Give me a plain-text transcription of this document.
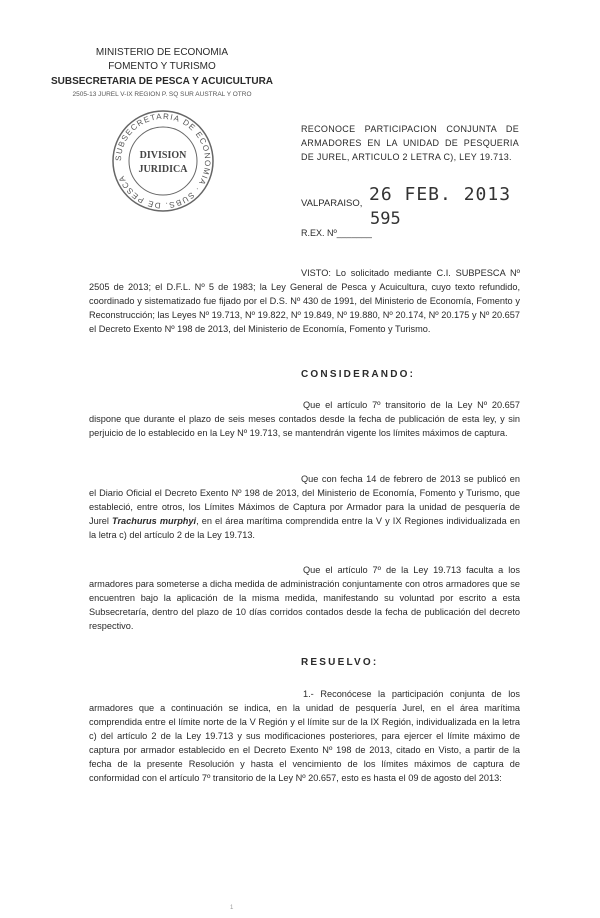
MINISTERIO DE ECONOMIA
FOMENTO Y TURISMO
SUBSECRETARIA DE PESCA Y ACUICULTURA
2505-13 JUREL V-IX REGION P. SQ SUR AUSTRAL Y OTRO
SUBSECRETARIA DE ECONOMIA · SUBS. DE PESCA
DIVISION
JURIDICA
RECONOCE PARTICIPACION CONJUNTA DE ARMADORES EN LA UNIDAD DE PESQUERIA DE JUREL, ARTICULO 2 LETRA C), LEY 19.713.
VALPARAISO, 26 FEB. 2013
595
R.EX. Nº_______
VISTO: Lo solicitado mediante C.I. SUBPESCA Nº 2505 de 2013; el D.F.L. Nº 5 de 1983; la Ley General de Pesca y Acuicultura, cuyo texto refundido, coordinado y sistematizado fue fijado por el D.S. Nº 430 de 1991, del Ministerio de Economía, Fomento y Reconstrucción; las Leyes Nº 19.713, Nº 19.822, Nº 19.849, Nº 19.880, Nº 20.174, Nº 20.175 y Nº 20.657 el Decreto Exento Nº 198 de 2013, del Ministerio de Economía, Fomento y Turismo.
CONSIDERANDO:
Que el artículo 7º transitorio de la Ley Nº 20.657 dispone que durante el plazo de seis meses contados desde la fecha de publicación de esta ley, y sin perjuicio de lo establecido en la Ley Nº 19.713, se mantendrán vigente los límites máximos de captura.
Que con fecha 14 de febrero de 2013 se publicó en el Diario Oficial el Decreto Exento Nº 198 de 2013, del Ministerio de Economía, Fomento y Turismo, que estableció, entre otros, los Límites Máximos de Captura por Armador para la unidad de pesquería de Jurel Trachurus murphyi, en el área marítima comprendida entre la V y IX Regiones individualizada en la letra c) del artículo 2 de la Ley 19.713.
Que el artículo 7º de la Ley 19.713 faculta a los armadores para someterse a dicha medida de administración conjuntamente con otros armadores que se encuentren bajo la aplicación de la misma medida, manifestando su voluntad por escrito a esta Subsecretaría, dentro del plazo de 10 días corridos contados desde la fecha de publicación del decreto respectivo.
RESUELVO:
1.- Reconócese la participación conjunta de los armadores que a continuación se indica, en la unidad de pesquería Jurel, en el área marítima comprendida entre el límite norte de la V Región y el límite sur de la IX Región, individualizada en la letra c) del artículo 2 de la Ley 19.713 y sus modificaciones posteriores, para ejercer el límite máximo de captura por armador establecido en el Decreto Exento Nº 198 de 2013, citado en Visto, a partir de la fecha de la presente Resolución y hasta el vencimiento de los límites máximos de captura de conformidad con el artículo 7º transitorio de la Ley Nº 20.657, esto es hasta el 09 de agosto del 2013:
1
